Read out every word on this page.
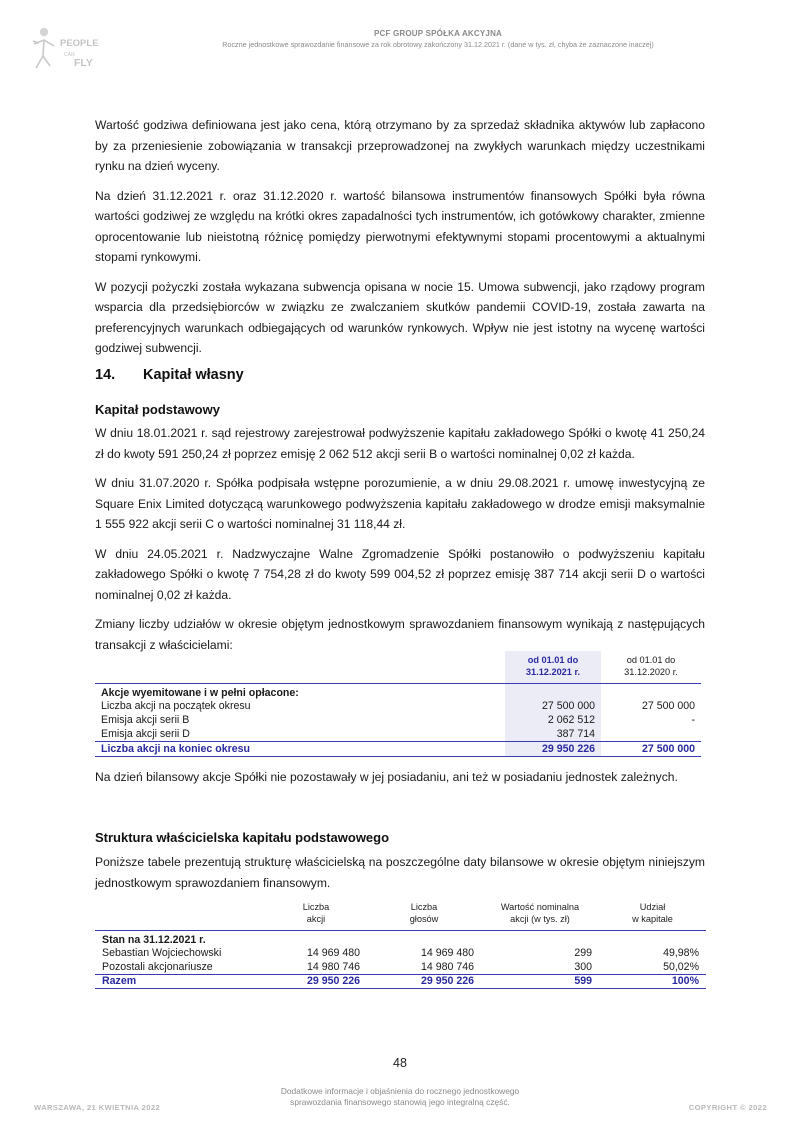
PEOPLE
CAN
FLY
PCF GROUP SPÓŁKA AKCYJNA
Roczne jednostkowe sprawozdanie finansowe za rok obrotowy zakończony 31.12.2021 r. (dane w tys. zł, chyba że zaznaczone inaczej)

Wartość godziwa definiowana jest jako cena, którą otrzymano by za sprzedaż składnika aktywów lub zapłacono by za przeniesienie zobowiązania w transakcji przeprowadzonej na zwykłych warunkach między uczestnikami rynku na dzień wyceny.

Na dzień 31.12.2021 r. oraz 31.12.2020 r. wartość bilansowa instrumentów finansowych Spółki była równa wartości godziwej ze względu na krótki okres zapadalności tych instrumentów, ich gotówkowy charakter, zmienne oprocentowanie lub nieistotną różnicę pomiędzy pierwotnymi efektywnymi stopami procentowymi a aktualnymi stopami rynkowymi.

W pozycji pożyczki została wykazana subwencja opisana w nocie 15. Umowa subwencji, jako rządowy program wsparcia dla przedsiębiorców w związku ze zwalczaniem skutków pandemii COVID-19, została zawarta na preferencyjnych warunkach odbiegających od warunków rynkowych. Wpływ nie jest istotny na wycenę wartości godziwej subwencji.

14. Kapitał własny
Kapitał podstawowy

W dniu 18.01.2021 r. sąd rejestrowy zarejestrował podwyższenie kapitału zakładowego Spółki o kwotę 41 250,24 zł do kwoty 591 250,24 zł poprzez emisję 2 062 512 akcji serii B o wartości nominalnej 0,02 zł każda.

W dniu 31.07.2020 r. Spółka podpisała wstępne porozumienie, a w dniu 29.08.2021 r. umowę inwestycyjną ze Square Enix Limited dotyczącą warunkowego podwyższenia kapitału zakładowego w drodze emisji maksymalnie 1 555 922 akcji serii C o wartości nominalnej 31 118,44 zł.

W dniu 24.05.2021 r. Nadzwyczajne Walne Zgromadzenie Spółki postanowiło o podwyższeniu kapitału zakładowego Spółki o kwotę 7 754,28 zł do kwoty 599 004,52 zł poprzez emisję 387 714 akcji serii D o wartości nominalnej 0,02 zł każda.

Zmiany liczby udziałów w okresie objętym jednostkowym sprawozdaniem finansowym wynikają z następujących transakcji z właścicielami:

	od 01.01 do
31.12.2021 r.	od 01.01 do
31.12.2020 r.

Akcje wyemitowane i w pełni opłacone:		
Liczba akcji na początek okresu	27 500 000	27 500 000
Emisja akcji serii B	2 062 512	-
Emisja akcji serii D	387 714	
Liczba akcji na koniec okresu	29 950 226	27 500 000

Na dzień bilansowy akcje Spółki nie pozostawały w jej posiadaniu, ani też w posiadaniu jednostek zależnych.

Struktura właścicielska kapitału podstawowego

Poniższe tabele prezentują strukturę właścicielską na poszczególne daty bilansowe w okresie objętym niniejszym jednostkowym sprawozdaniem finansowym.

	Liczba
akcji	Liczba
głosów	Wartość nominalna
akcji (w tys. zł)	Udział
w kapitale

Stan na 31.12.2021 r.				
Sebastian Wojciechowski	14 969 480	14 969 480	299	49,98%
Pozostali akcjonariusze	14 980 746	14 980 746	300	50,02%
Razem	29 950 226	29 950 226	599	100%
48
Dodatkowe informacje i objaśnienia do rocznego jednostkowego
sprawozdania finansowego stanowią jego integralną część.
WARSZAWA, 21 KWIETNIA 2022	COPYRIGHT © 2022
